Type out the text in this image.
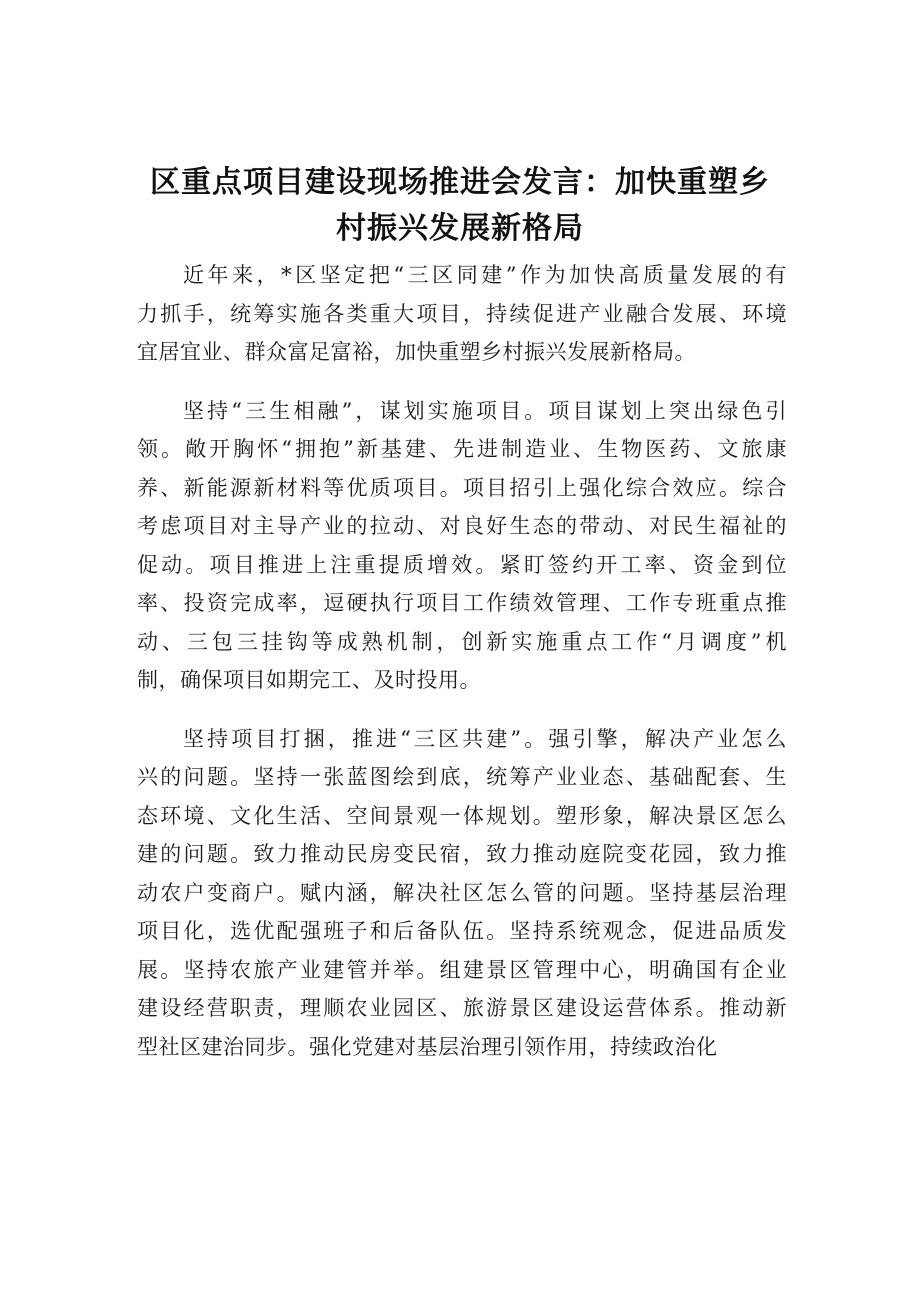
区重点项目建设现场推进会发言：加快重塑乡
村振兴发展新格局

近年来，*区坚定把“三区同建”作为加快高质量发展的有
力抓手，统筹实施各类重大项目，持续促进产业融合发展、环境
宜居宜业、群众富足富裕，加快重塑乡村振兴发展新格局。

坚持“三生相融”，谋划实施项目。项目谋划上突出绿色引
领。敞开胸怀“拥抱”新基建、先进制造业、生物医药、文旅康
养、新能源新材料等优质项目。项目招引上强化综合效应。综合
考虑项目对主导产业的拉动、对良好生态的带动、对民生福祉的
促动。项目推进上注重提质增效。紧盯签约开工率、资金到位
率、投资完成率，逗硬执行项目工作绩效管理、工作专班重点推
动、三包三挂钩等成熟机制，创新实施重点工作“月调度”机
制，确保项目如期完工、及时投用。

坚持项目打捆，推进“三区共建”。强引擎，解决产业怎么
兴的问题。坚持一张蓝图绘到底，统筹产业业态、基础配套、生
态环境、文化生活、空间景观一体规划。塑形象，解决景区怎么
建的问题。致力推动民房变民宿，致力推动庭院变花园，致力推
动农户变商户。赋内涵，解决社区怎么管的问题。坚持基层治理
项目化，选优配强班子和后备队伍。坚持系统观念，促进品质发
展。坚持农旅产业建管并举。组建景区管理中心，明确国有企业
建设经营职责，理顺农业园区、旅游景区建设运营体系。推动新
型社区建治同步。强化党建对基层治理引领作用，持续政治化
